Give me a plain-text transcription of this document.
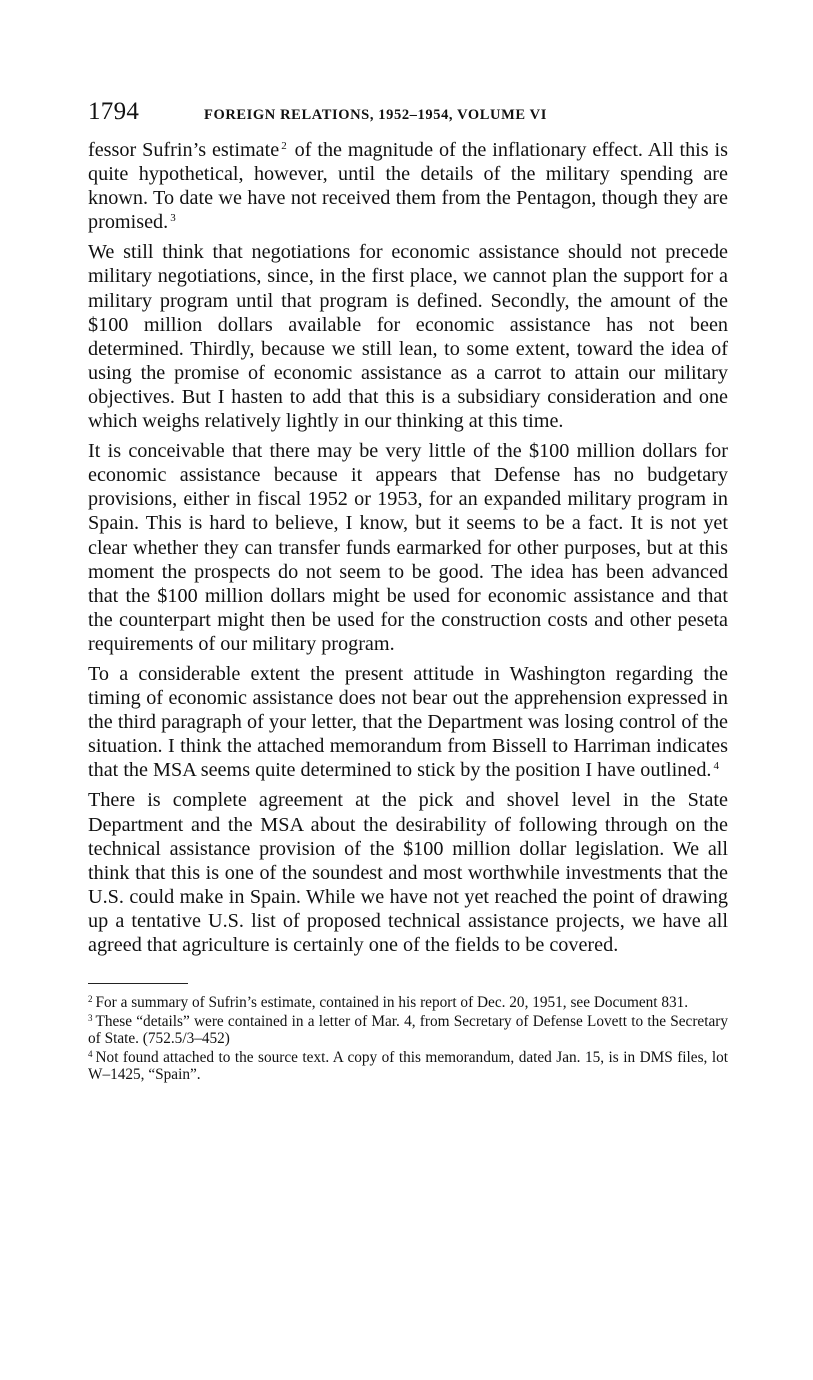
1794	FOREIGN RELATIONS, 1952–1954, VOLUME VI

fessor Sufrin’s estimate $^2$ of the magnitude of the inflationary effect. All this is quite hypothetical, however, until the details of the military spending are known. To date we have not received them from the Pentagon, though they are promised. $^3$

We still think that negotiations for economic assistance should not precede military negotiations, since, in the first place, we cannot plan the support for a military program until that program is defined. Secondly, the amount of the $100 million dollars available for economic assistance has not been determined. Thirdly, because we still lean, to some extent, toward the idea of using the promise of economic assistance as a carrot to attain our military objectives. But I hasten to add that this is a subsidiary consideration and one which weighs relatively lightly in our thinking at this time.

It is conceivable that there may be very little of the $100 million dollars for economic assistance because it appears that Defense has no budgetary provisions, either in fiscal 1952 or 1953, for an expanded military program in Spain. This is hard to believe, I know, but it seems to be a fact. It is not yet clear whether they can transfer funds earmarked for other purposes, but at this moment the prospects do not seem to be good. The idea has been advanced that the $100 million dollars might be used for economic assistance and that the counterpart might then be used for the construction costs and other peseta requirements of our military program.

To a considerable extent the present attitude in Washington regarding the timing of economic assistance does not bear out the apprehension expressed in the third paragraph of your letter, that the Department was losing control of the situation. I think the attached memorandum from Bissell to Harriman indicates that the MSA seems quite determined to stick by the position I have outlined. $^4$

There is complete agreement at the pick and shovel level in the State Department and the MSA about the desirability of following through on the technical assistance provision of the $100 million dollar legislation. We all think that this is one of the soundest and most worthwhile investments that the U.S. could make in Spain. While we have not yet reached the point of drawing up a tentative U.S. list of proposed technical assistance projects, we have all agreed that agriculture is certainly one of the fields to be covered.

$^2$ For a summary of Sufrin’s estimate, contained in his report of Dec. 20, 1951, see Document 831.

$^3$ These “details” were contained in a letter of Mar. 4, from Secretary of Defense Lovett to the Secretary of State. (752.5/3–452)

$^4$ Not found attached to the source text. A copy of this memorandum, dated Jan. 15, is in DMS files, lot W–1425, “Spain”.
